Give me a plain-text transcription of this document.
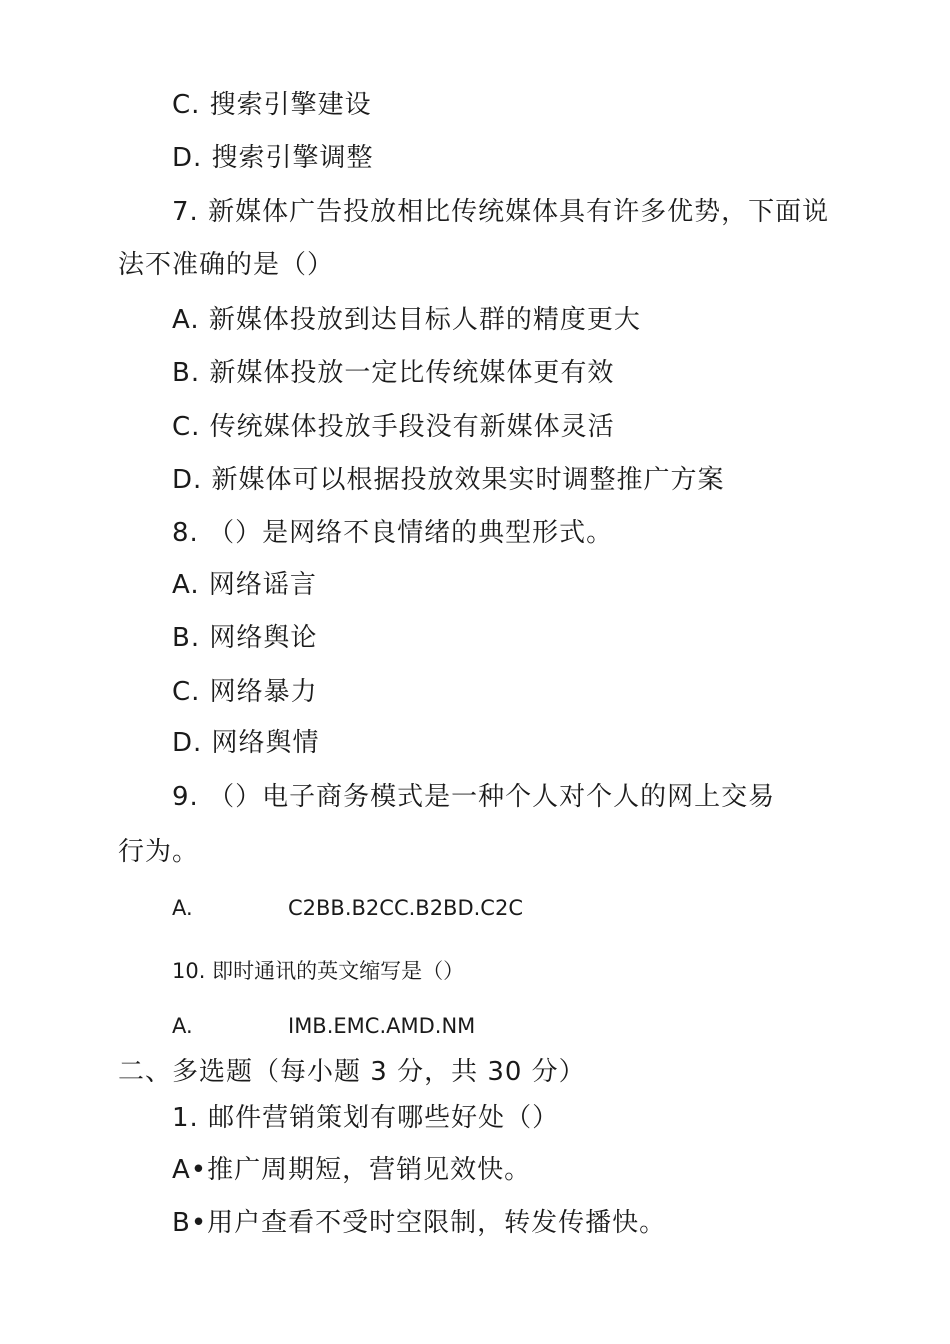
C. 搜索引擎建设
D. 搜索引擎调整
7. 新媒体广告投放相比传统媒体具有许多优势，下面说
法不准确的是（）
A. 新媒体投放到达目标人群的精度更大
B. 新媒体投放一定比传统媒体更有效
C. 传统媒体投放手段没有新媒体灵活
D. 新媒体可以根据投放效果实时调整推广方案
8. （）是网络不良情绪的典型形式。
A. 网络谣言
B. 网络舆论
C. 网络暴力
D. 网络舆情
9. （）电子商务模式是一种个人对个人的网上交易
行为。
A.	C2BB.B2CC.B2BD.C2C
10. 即时通讯的英文缩写是（）
A.	IMB.EMC.AMD.NM
二、多选题（每小题 3 分，共 30 分）
1. 邮件营销策划有哪些好处（）
A•推广周期短，营销见效快。
B•用户查看不受时空限制，转发传播快。
